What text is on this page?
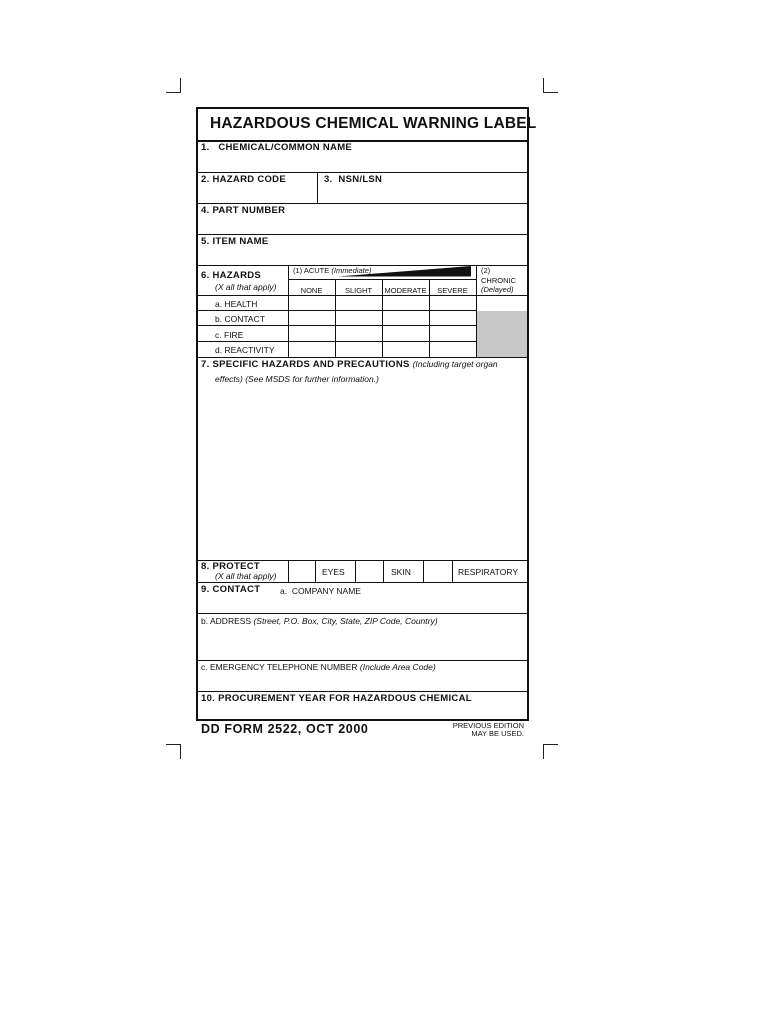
HAZARDOUS CHEMICAL WARNING LABEL
1. CHEMICAL/COMMON NAME
2. HAZARD CODE	3. NSN/LSN
4. PART NUMBER
5. ITEM NAME
6. HAZARDS
(X all that apply)
(1) ACUTE (Immediate)	(2)
CHRONIC
(Delayed)
NONE	SLIGHT	MODERATE	SEVERE
a. HEALTH
b. CONTACT
c. FIRE
d. REACTIVITY
7. SPECIFIC HAZARDS AND PRECAUTIONS (Including target organ
effects) (See MSDS for further information.)
8. PROTECT
(X all that apply)	EYES	SKIN	RESPIRATORY
9. CONTACT a. COMPANY NAME
b. ADDRESS (Street, P.O. Box, City, State, ZIP Code, Country)
c. EMERGENCY TELEPHONE NUMBER (Include Area Code)
10. PROCUREMENT YEAR FOR HAZARDOUS CHEMICAL
DD FORM 2522, OCT 2000	PREVIOUS EDITION
MAY BE USED.
